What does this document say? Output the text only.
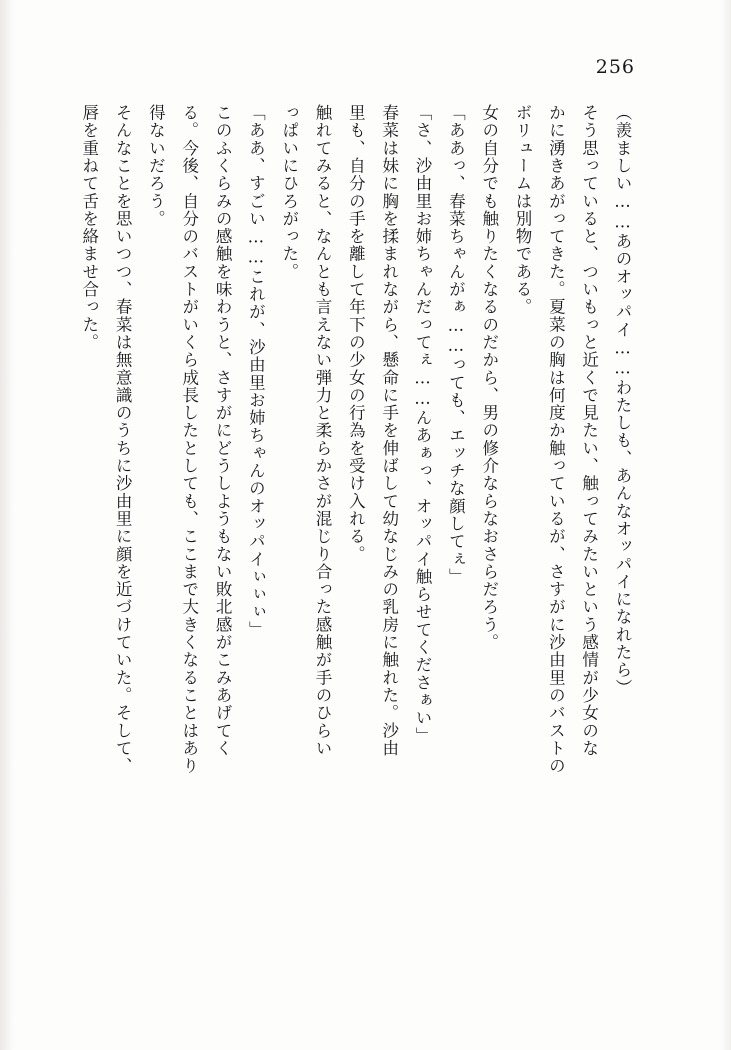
256

（羨ましい……あのオッパイ……わたしも、あんなオッパイになれたら）

そう思っていると、ついもっと近くで見たい、触ってみたいという感情が少女のな

かに湧きあがってきた。夏菜の胸は何度か触っているが、さすがに沙由里のバストの

ボリュームは別物である。

女の自分でも触りたくなるのだから、男の修介ならなおさらだろう。

「ああっ、春菜ちゃんがぁ……っても、エッチな顔してぇ」

「さ、沙由里お姉ちゃんだってぇ……んあぁっ、オッパイ触らせてくださぁい」

春菜は妹に胸を揉まれながら、懸命に手を伸ばして幼なじみの乳房に触れた。沙由

里も、自分の手を離して年下の少女の行為を受け入れる。

触れてみると、なんとも言えない弾力と柔らかさが混じり合った感触が手のひらい

っぱいにひろがった。

「ああ、すごい……これが、沙由里お姉ちゃんのオッパイぃぃぃ」

このふくらみの感触を味わうと、さすがにどうしようもない敗北感がこみあげてく

る。今後、自分のバストがいくら成長したとしても、ここまで大きくなることはあり

得ないだろう。

そんなことを思いつつ、春菜は無意識のうちに沙由里に顔を近づけていた。そして、

唇を重ねて舌を絡ませ合った。
